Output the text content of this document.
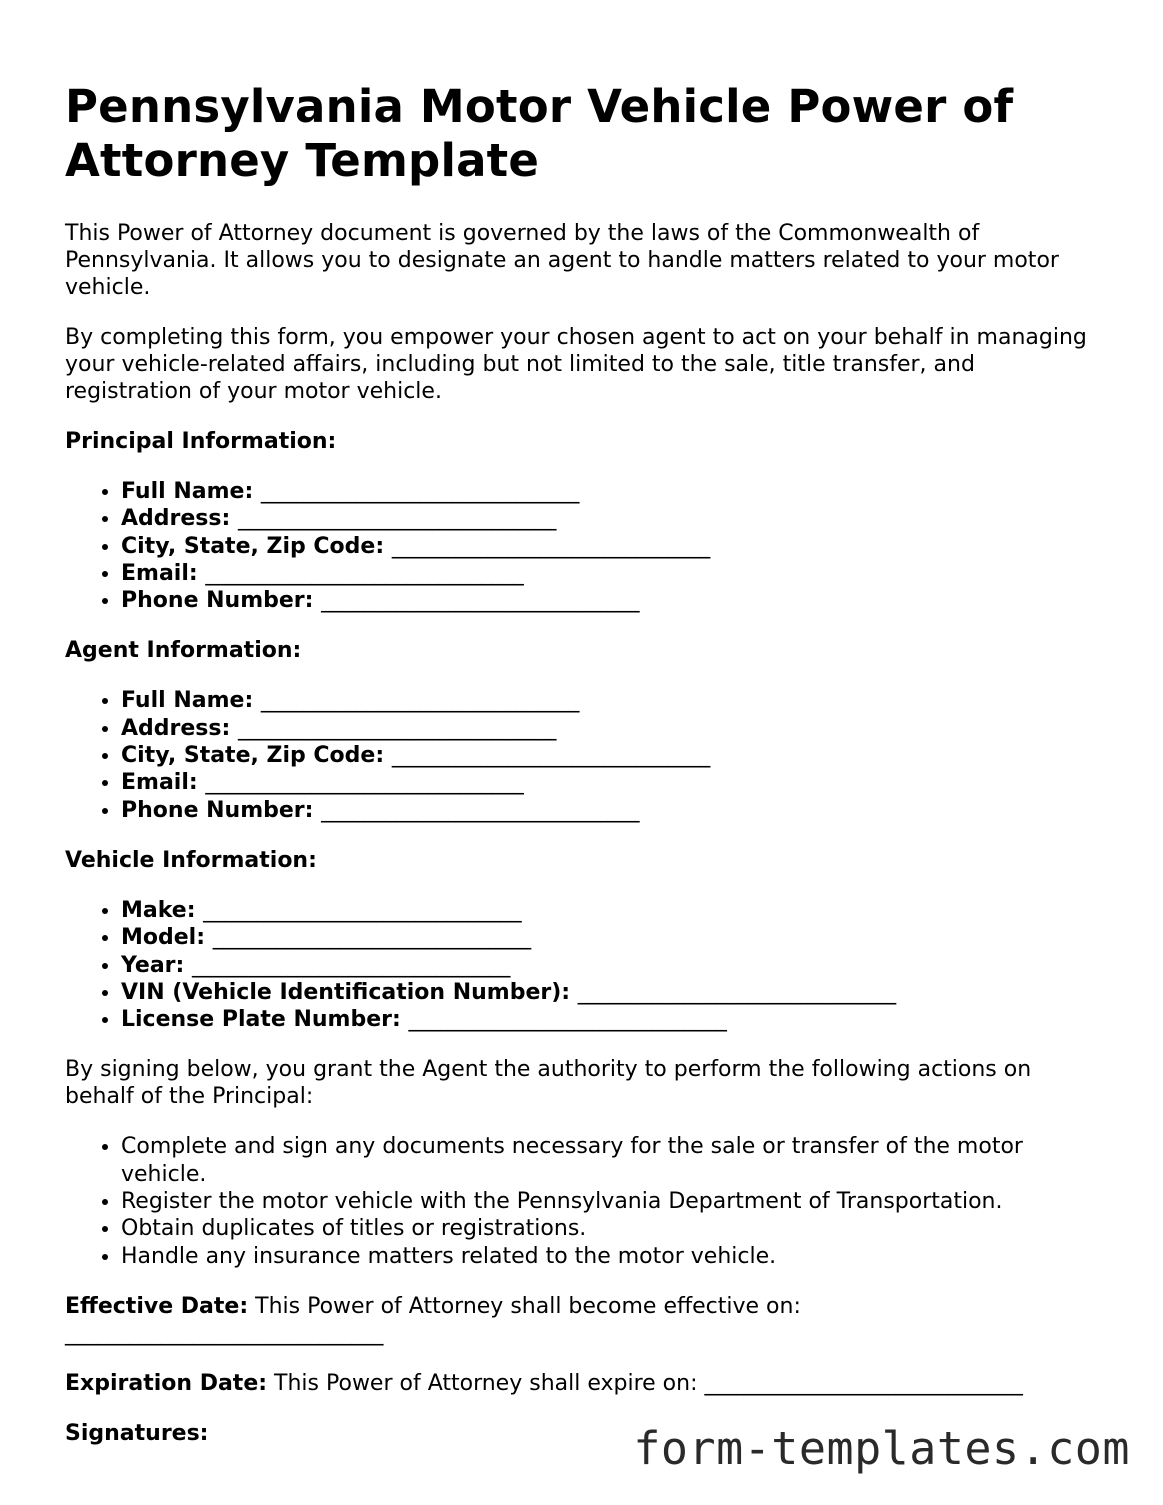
Pennsylvania Motor Vehicle Power of Attorney Template

This Power of Attorney document is governed by the laws of the Commonwealth of Pennsylvania. It allows you to designate an agent to handle matters related to your motor vehicle.

By completing this form, you empower your chosen agent to act on your behalf in managing your vehicle-related affairs, including but not limited to the sale, title transfer, and registration of your motor vehicle.

Principal Information:
• Full Name: ______________________________
• Address: ______________________________
• City, State, Zip Code: ______________________________
• Email: ______________________________
• Phone Number: ______________________________
Agent Information:
• Full Name: ______________________________
• Address: ______________________________
• City, State, Zip Code: ______________________________
• Email: ______________________________
• Phone Number: ______________________________
Vehicle Information:
• Make: ______________________________
• Model: ______________________________
• Year: ______________________________
• VIN (Vehicle Identification Number): ______________________________
• License Plate Number: ______________________________

By signing below, you grant the Agent the authority to perform the following actions on behalf of the Principal:

• Complete and sign any documents necessary for the sale or transfer of the motor vehicle.
• Register the motor vehicle with the Pennsylvania Department of Transportation.
• Obtain duplicates of titles or registrations.
• Handle any insurance matters related to the motor vehicle.

Effective Date: This Power of Attorney shall become effective on: ______________________________

Expiration Date: This Power of Attorney shall expire on: ______________________________

Signatures:	form-templates.com
